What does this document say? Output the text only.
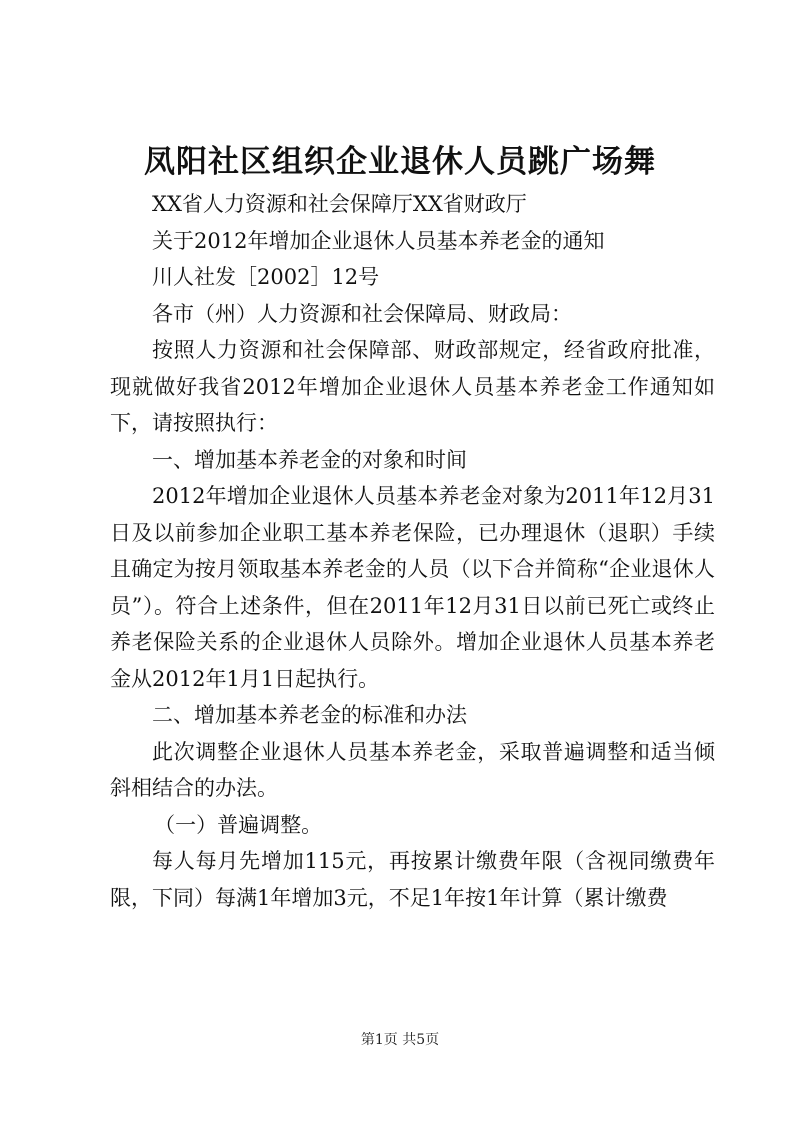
凤阳社区组织企业退休人员跳广场舞

XX省人力资源和社会保障厅XX省财政厅

关于2012年增加企业退休人员基本养老金的通知

川人社发［2002］12号

各市（州）人力资源和社会保障局、财政局：

按照人力资源和社会保障部、财政部规定，经省政府批准，现就做好我省2012年增加企业退休人员基本养老金工作通知如下，请按照执行：

一、增加基本养老金的对象和时间

2012年增加企业退休人员基本养老金对象为2011年12月31日及以前参加企业职工基本养老保险，已办理退休（退职）手续且确定为按月领取基本养老金的人员（以下合并简称“企业退休人员”）。符合上述条件，但在2011年12月31日以前已死亡或终止养老保险关系的企业退休人员除外。增加企业退休人员基本养老金从2012年1月1日起执行。

二、增加基本养老金的标准和办法

此次调整企业退休人员基本养老金，采取普遍调整和适当倾斜相结合的办法。

（一）普遍调整。

每人每月先增加115元，再按累计缴费年限（含视同缴费年限，下同）每满1年增加3元，不足1年按1年计算（累计缴费

第1页 共5页
